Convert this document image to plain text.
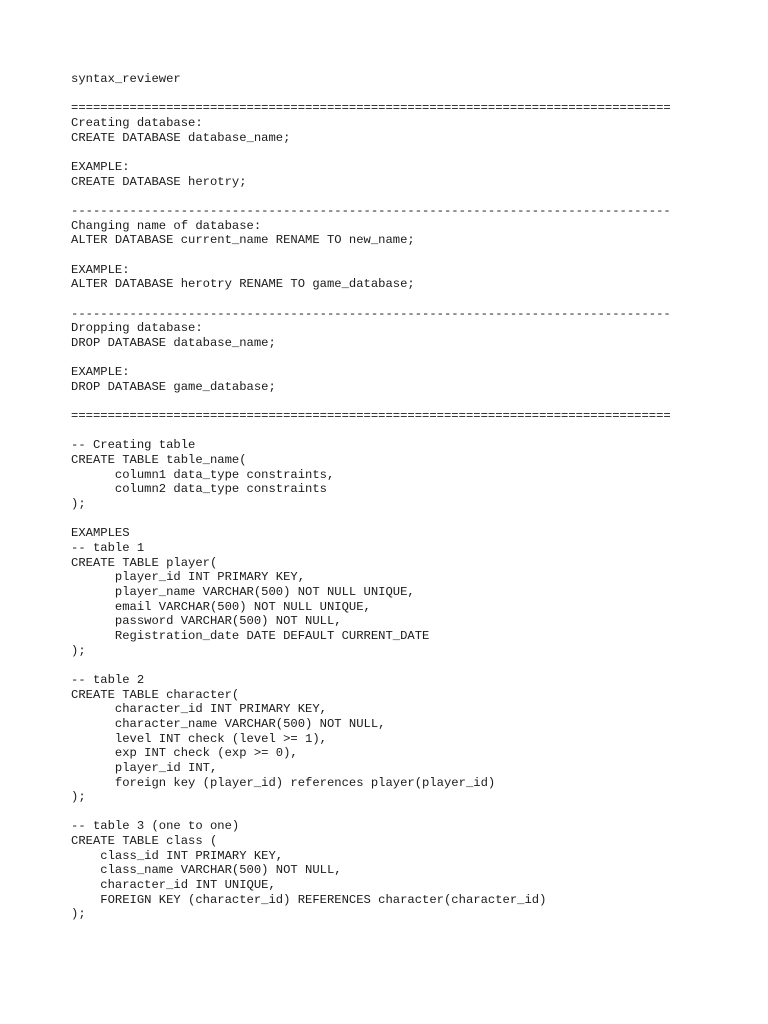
syntax_reviewer

==================================================================================
Creating database:
CREATE DATABASE database_name;

EXAMPLE:
CREATE DATABASE herotry;

----------------------------------------------------------------------------------
Changing name of database:
ALTER DATABASE current_name RENAME TO new_name;

EXAMPLE:
ALTER DATABASE herotry RENAME TO game_database;

----------------------------------------------------------------------------------
Dropping database:
DROP DATABASE database_name;

EXAMPLE:
DROP DATABASE game_database;

==================================================================================

-- Creating table
CREATE TABLE table_name(
column1 data_type constraints,
column2 data_type constraints
);

EXAMPLES
-- table 1
CREATE TABLE player(
player_id INT PRIMARY KEY,
player_name VARCHAR(500) NOT NULL UNIQUE,
email VARCHAR(500) NOT NULL UNIQUE,
password VARCHAR(500) NOT NULL,
Registration_date DATE DEFAULT CURRENT_DATE
);

-- table 2
CREATE TABLE character(
character_id INT PRIMARY KEY,
character_name VARCHAR(500) NOT NULL,
level INT check (level >= 1),
exp INT check (exp >= 0),
player_id INT,
foreign key (player_id) references player(player_id)
);

-- table 3 (one to one)
CREATE TABLE class (
class_id INT PRIMARY KEY,
class_name VARCHAR(500) NOT NULL,
character_id INT UNIQUE,
FOREIGN KEY (character_id) REFERENCES character(character_id)
);
